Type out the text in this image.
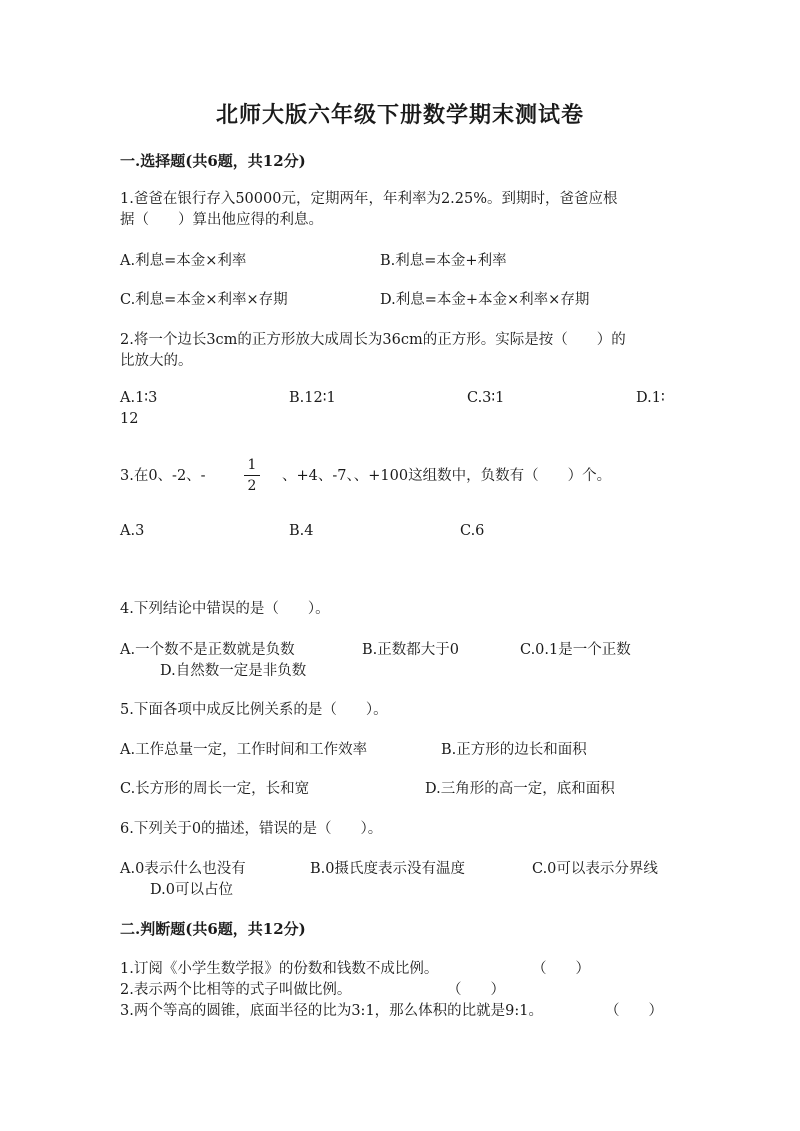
北师大版六年级下册数学期末测试卷
一.选择题(共6题，共12分)
1.爸爸在银行存入50000元，定期两年，年利率为2.25%。到期时，爸爸应根
据（　　）算出他应得的利息。
A.利息=本金×利率	B.利息=本金+利率
C.利息=本金×利率×存期	D.利息=本金+本金×利率×存期
2.将一个边长3cm的正方形放大成周长为36cm的正方形。实际是按（　　）的
比放大的。
A.1∶3	B.12∶1	C.3∶1	D.1∶
12
3.在0、-2、-
1
2
、+4、-7、、+100这组数中，负数有（　　）个。
A.3	B.4	C.6
4.下列结论中错误的是（　　）。
A.一个数不是正数就是负数	B.正数都大于0	C.0.1是一个正数
D.自然数一定是非负数
5.下面各项中成反比例关系的是（　　）。
A.工作总量一定，工作时间和工作效率	B.正方形的边长和面积
C.长方形的周长一定，长和宽	D.三角形的高一定，底和面积
6.下列关于0的描述，错误的是（　　）。
A.0表示什么也没有	B.0摄氏度表示没有温度	C.0可以表示分界线
D.0可以占位
二.判断题(共6题，共12分)
1.订阅《小学生数学报》的份数和钱数不成比例。	（　　）
2.表示两个比相等的式子叫做比例。	（　　）
3.两个等高的圆锥，底面半径的比为3:1，那么体积的比就是9:1。	（　　）
